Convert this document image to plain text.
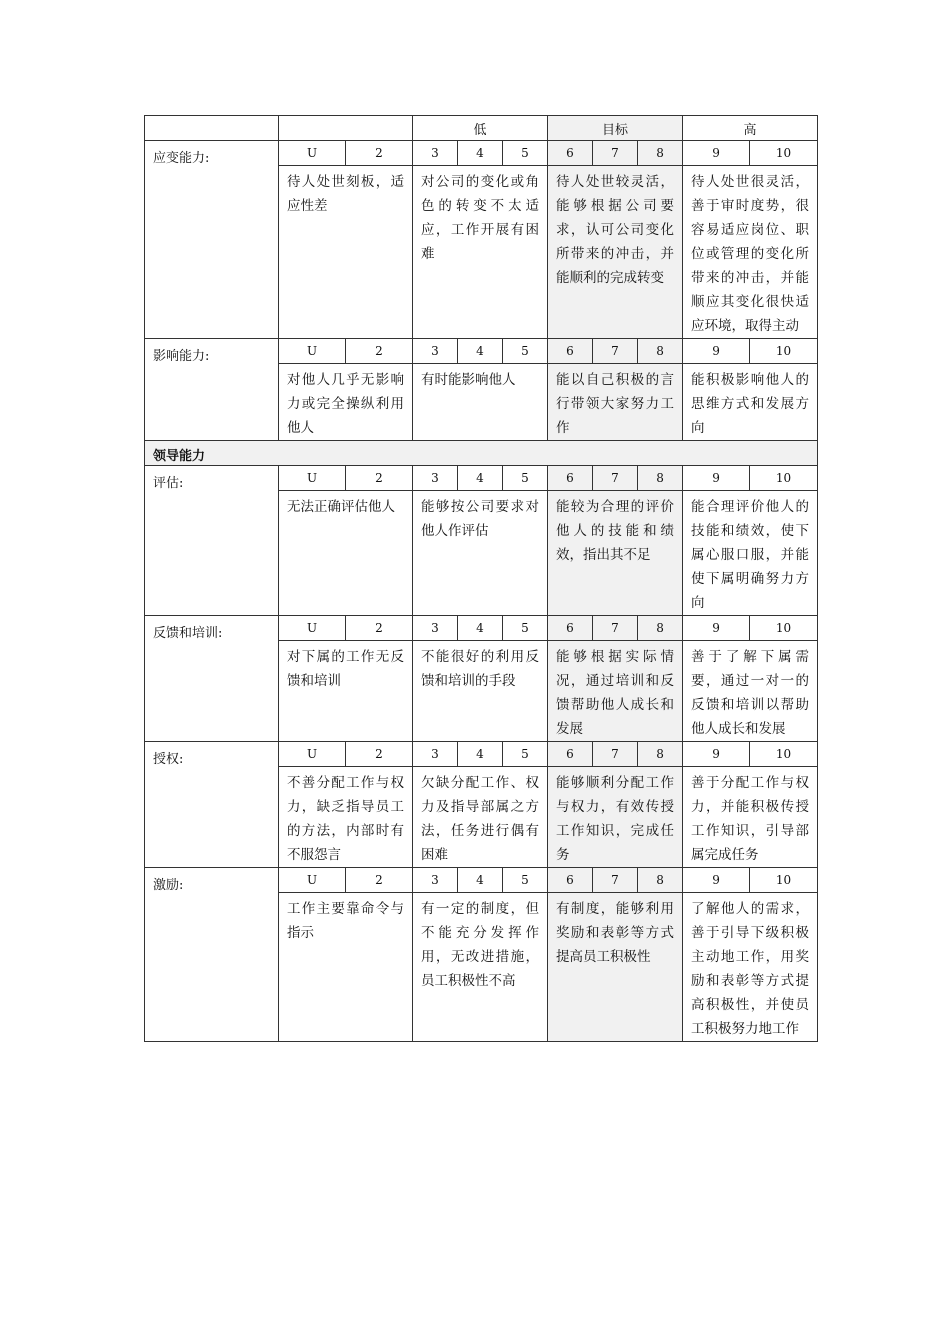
			低			目标			高	
应变能力:	U	2	3	4	5	6	7	8	9	10
	待人处世刻板，适应性差		对公司的变化或角色的转变不太适应，工作开展有困难			待人处世较灵活，能够根据公司要求，认可公司变化所带来的冲击，并能顺利的完成转变			待人处世很灵活，善于审时度势，很容易适应岗位、职位或管理的变化所带来的冲击，并能顺应其变化很快适应环境，取得主动	
影响能力:	U	2	3	4	5	6	7	8	9	10
	对他人几乎无影响力或完全操纵利用他人		有时能影响他人			能以自己积极的言行带领大家努力工作			能积极影响他人的思维方式和发展方向	
领导能力										
评估:	U	2	3	4	5	6	7	8	9	10
	无法正确评估他人		能够按公司要求对他人作评估			能较为合理的评价他人的技能和绩效，指出其不足			能合理评价他人的技能和绩效，使下属心服口服，并能使下属明确努力方向	
反馈和培训:	U	2	3	4	5	6	7	8	9	10
	对下属的工作无反馈和培训		不能很好的利用反馈和培训的手段			能够根据实际情况，通过培训和反馈帮助他人成长和发展			善于了解下属需要，通过一对一的反馈和培训以帮助他人成长和发展	
授权:	U	2	3	4	5	6	7	8	9	10
	不善分配工作与权力，缺乏指导员工的方法，内部时有不服怨言		欠缺分配工作、权力及指导部属之方法，任务进行偶有困难			能够顺利分配工作与权力，有效传授工作知识，完成任务			善于分配工作与权力，并能积极传授工作知识，引导部属完成任务	
激励:	U	2	3	4	5	6	7	8	9	10
	工作主要靠命令与指示		有一定的制度，但不能充分发挥作用，无改进措施，员工积极性不高			有制度，能够利用奖励和表彰等方式提高员工积极性			了解他人的需求，善于引导下级积极主动地工作，用奖励和表彰等方式提高积极性，并使员工积极努力地工作	
